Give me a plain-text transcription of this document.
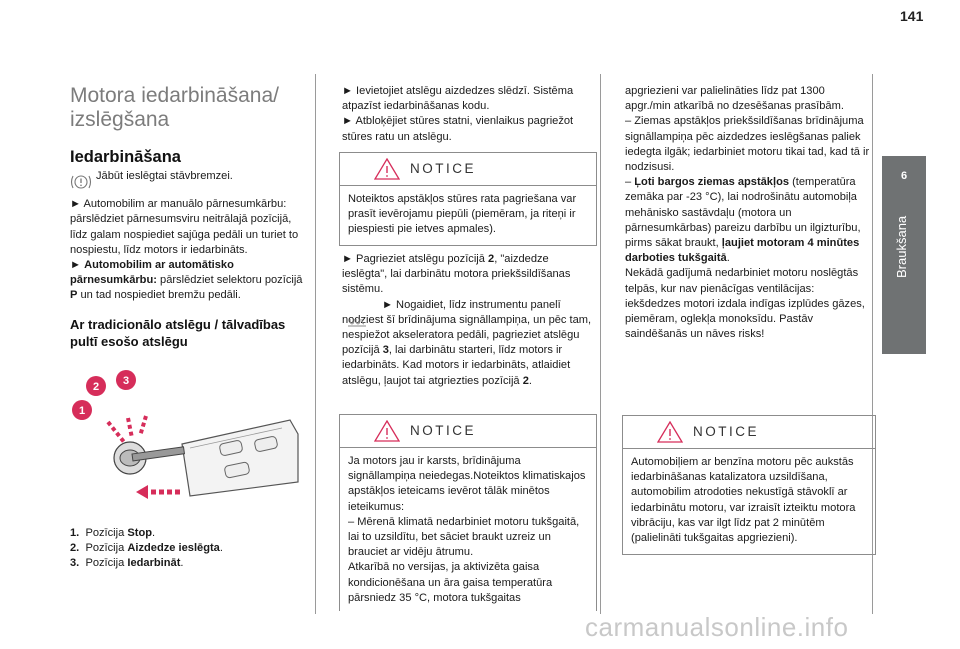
141
6
Braukšana
Motora iedarbināšana/ izslēgšana
Iedarbināšana
Jābūt ieslēgtai stāvbremzei.

► Automobilim ar manuālo pārnesumkārbu: pārslēdziet pārnesumsviru neitrālajā pozīcijā, līdz galam nospiediet sajūga pedāli un turiet to nospiestu, līdz motors ir iedarbināts.

► Automobilim ar automātisko pārnesumkārbu: pārslēdziet selektoru pozīcijā P un tad nospiediet bremžu pedāli.

Ar tradicionālo atslēgu / tālvadības pultī esošo atslēgu
1
2 3

1. Pozīcija Stop.

2. Pozīcija Aizdedze ieslēgta.

3. Pozīcija Iedarbināt.

► Ievietojiet atslēgu aizdedzes slēdzī. Sistēma atpazīst iedarbināšanas kodu.

► Atbloķējiet stūres statni, vienlaikus pagriežot stūres ratu un atslēgu.

NOTICE
Noteiktos apstākļos stūres rata pagriešana var prasīt ievērojamu piepūli (piemēram, ja riteņi ir piespiesti pie ietves apmales).

► Pagrieziet atslēgu pozīcijā 2, "aizdedze ieslēgta", lai darbinātu motora priekšsildīšanas sistēmu.

► Nogaidiet, līdz instrumentu panelī nodziest šī brīdinājuma signāllampiņa, un pēc tam, nespiežot akseleratora pedāli, pagrieziet atslēgu pozīcijā 3, lai darbinātu starteri, līdz motors ir iedarbināts. Kad motors ir iedarbināts, atlaidiet atslēgu, ļaujot tai atgriezties pozīcijā 2.

NOTICE
Ja motors jau ir karsts, brīdinājuma signāllampiņa neiedegas.Noteiktos klimatiskajos apstākļos ieteicams ievērot tālāk minētos ieteikumus:
– Mērenā klimatā nedarbiniet motoru tukšgaitā, lai to uzsildītu, bet sāciet braukt uzreiz un brauciet ar vidēju ātrumu.
Atkarībā no versijas, ja aktivizēta gaisa kondicionēšana un āra gaisa temperatūra pārsniedz 35 °C, motora tukšgaitas
apgriezieni var palielināties līdz pat 1300 apgr./min atkarībā no dzesēšanas prasībām.
– Ziemas apstākļos priekšsildīšanas brīdinājuma signāllampiņa pēc aizdedzes ieslēgšanas paliek iedegta ilgāk; iedarbiniet motoru tikai tad, kad tā ir nodzisusi.
– Ļoti bargos ziemas apstākļos (temperatūra zemāka par -23 °C), lai nodrošinātu automobiļa mehānisko sastāvdaļu (motora un pārnesumkārbas) pareizu darbību un ilgizturību, pirms sākat braukt, ļaujiet motoram 4 minūtes darboties tukšgaitā.
Nekādā gadījumā nedarbiniet motoru noslēgtās telpās, kur nav pienācīgas ventilācijas: iekšdedzes motori izdala indīgas izplūdes gāzes, piemēram, oglekļa monoksīdu. Pastāv saindēšanās un nāves risks!
NOTICE
Automobiļiem ar benzīna motoru pēc aukstās iedarbināšanas katalizatora uzsildīšana, automobilim atrodoties nekustīgā stāvoklī ar iedarbinātu motoru, var izraisīt izteiktu motora vibrāciju, kas var ilgt līdz pat 2 minūtēm (palielināti tukšgaitas apgriezieni).
carmanualsonline.info
